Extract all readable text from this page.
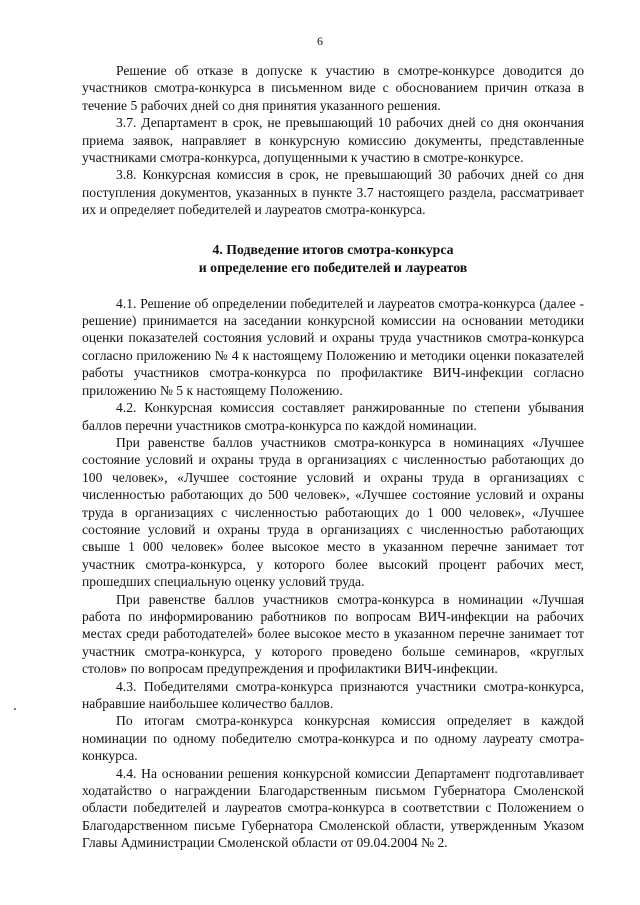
6

Решение об отказе в допуске к участию в смотре-конкурсе доводится до участников смотра-конкурса в письменном виде с обоснованием причин отказа в течение 5 рабочих дней со дня принятия указанного решения.

3.7. Департамент в срок, не превышающий 10 рабочих дней со дня окончания приема заявок, направляет в конкурсную комиссию документы, представленные участниками смотра-конкурса, допущенными к участию в смотре-конкурсе.

3.8. Конкурсная комиссия в срок, не превышающий 30 рабочих дней со дня поступления документов, указанных в пункте 3.7 настоящего раздела, рассматривает их и определяет победителей и лауреатов смотра-конкурса.

4. Подведение итогов смотра-конкурса
и определение его победителей и лауреатов

4.1. Решение об определении победителей и лауреатов смотра-конкурса (далее - решение) принимается на заседании конкурсной комиссии на основании методики оценки показателей состояния условий и охраны труда участников смотра-конкурса согласно приложению № 4 к настоящему Положению и методики оценки показателей работы участников смотра-конкурса по профилактике ВИЧ-инфекции согласно приложению № 5 к настоящему Положению.

4.2. Конкурсная комиссия составляет ранжированные по степени убывания баллов перечни участников смотра-конкурса по каждой номинации.

При равенстве баллов участников смотра-конкурса в номинациях «Лучшее состояние условий и охраны труда в организациях с численностью работающих до 100 человек», «Лучшее состояние условий и охраны труда в организациях с численностью работающих до 500 человек», «Лучшее состояние условий и охраны труда в организациях с численностью работающих до 1 000 человек», «Лучшее состояние условий и охраны труда в организациях с численностью работающих свыше 1 000 человек» более высокое место в указанном перечне занимает тот участник смотра-конкурса, у которого более высокий процент рабочих мест, прошедших специальную оценку условий труда.

При равенстве баллов участников смотра-конкурса в номинации «Лучшая работа по информированию работников по вопросам ВИЧ-инфекции на рабочих местах среди работодателей» более высокое место в указанном перечне занимает тот участник смотра-конкурса, у которого проведено больше семинаров, «круглых столов» по вопросам предупреждения и профилактики ВИЧ-инфекции.

4.3. Победителями смотра-конкурса признаются участники смотра-конкурса, набравшие наибольшее количество баллов.

По итогам смотра-конкурса конкурсная комиссия определяет в каждой номинации по одному победителю смотра-конкурса и по одному лауреату смотра-конкурса.

4.4. На основании решения конкурсной комиссии Департамент подготавливает ходатайство о награждении Благодарственным письмом Губернатора Смоленской области победителей и лауреатов смотра-конкурса в соответствии с Положением о Благодарственном письме Губернатора Смоленской области, утвержденным Указом Главы Администрации Смоленской области от 09.04.2004 № 2.
